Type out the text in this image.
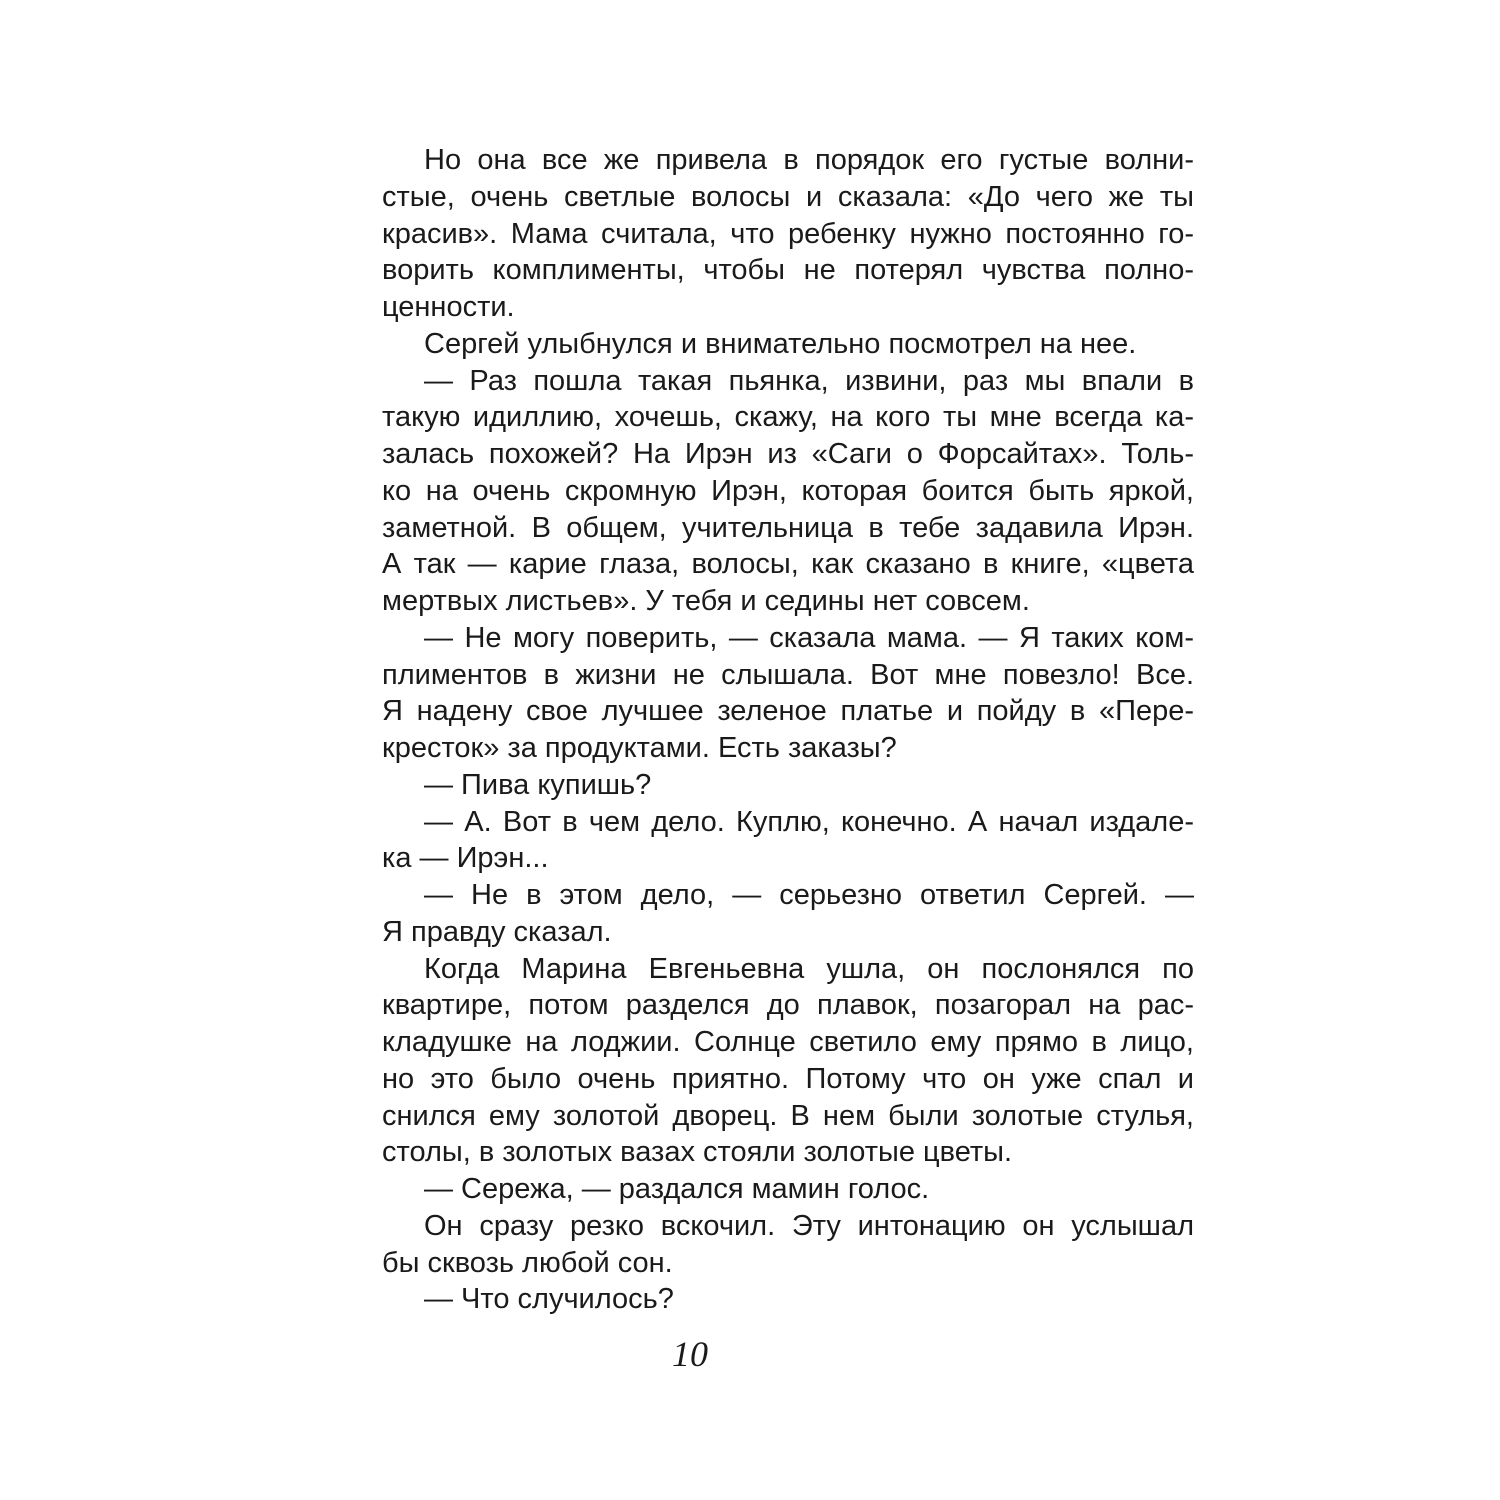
Но она все же привела в порядок его густые волни-
стые, очень светлые волосы и сказала: «До чего же ты
красив». Мама считала, что ребенку нужно постоянно го-
ворить комплименты, чтобы не потерял чувства полно-
ценности.
Сергей улыбнулся и внимательно посмотрел на нее.
— Раз пошла такая пьянка, извини, раз мы впали в
такую идиллию, хочешь, скажу, на кого ты мне всегда ка-
залась похожей? На Ирэн из «Саги о Форсайтах». Толь-
ко на очень скромную Ирэн, которая боится быть яркой,
заметной. В общем, учительница в тебе задавила Ирэн.
А так — карие глаза, волосы, как сказано в книге, «цвета
мертвых листьев». У тебя и седины нет совсем.
— Не могу поверить, — сказала мама. — Я таких ком-
плиментов в жизни не слышала. Вот мне повезло! Все.
Я надену свое лучшее зеленое платье и пойду в «Пере-
кресток» за продуктами. Есть заказы?
— Пива купишь?
— А. Вот в чем дело. Куплю, конечно. А начал издале-
ка — Ирэн...
— Не в этом дело, — серьезно ответил Сергей. —
Я правду сказал.
Когда Марина Евгеньевна ушла, он послонялся по
квартире, потом разделся до плавок, позагорал на рас-
кладушке на лоджии. Солнце светило ему прямо в лицо,
но это было очень приятно. Потому что он уже спал и
снился ему золотой дворец. В нем были золотые стулья,
столы, в золотых вазах стояли золотые цветы.
— Сережа, — раздался мамин голос.
Он сразу резко вскочил. Эту интонацию он услышал
бы сквозь любой сон.
— Что случилось?
10
